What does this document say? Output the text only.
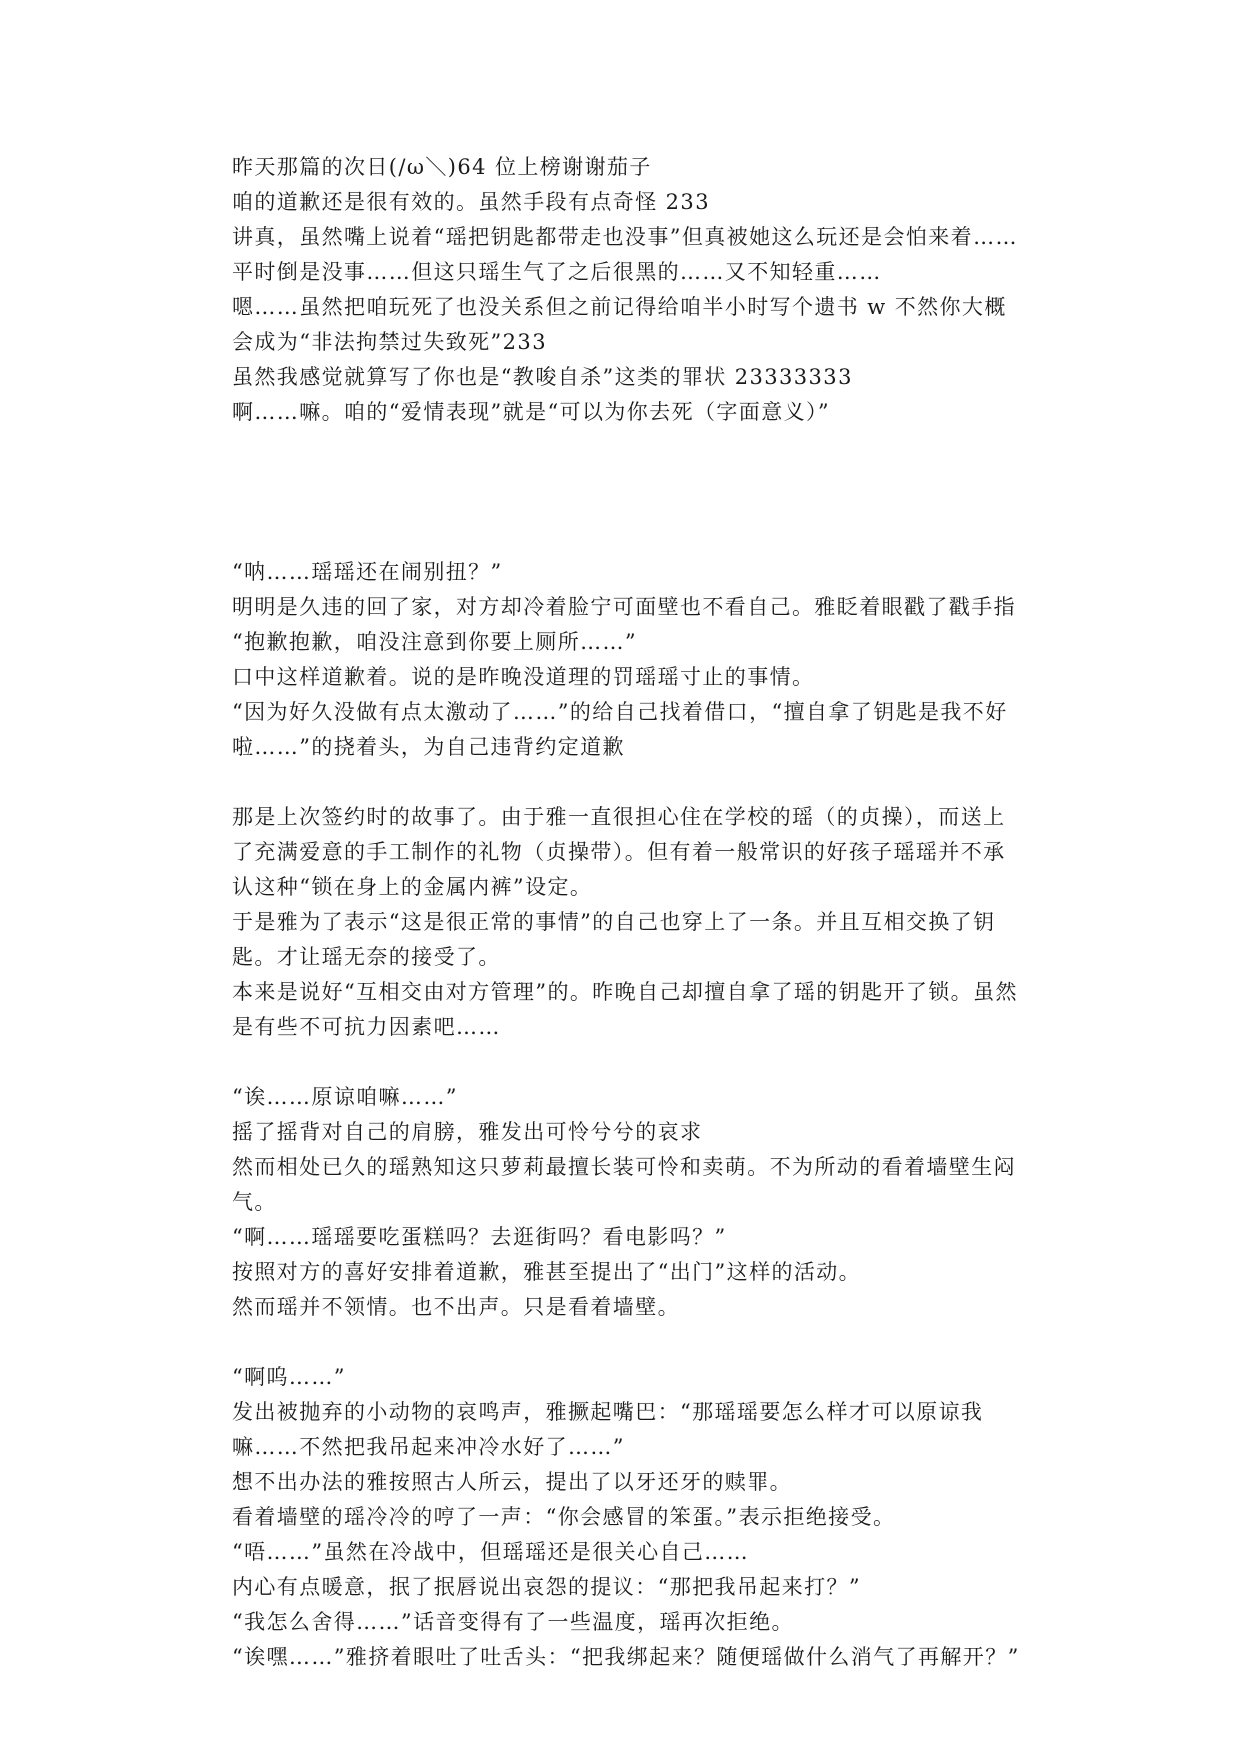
昨天那篇的次日(/ω＼)64 位上榜谢谢茄子
咱的道歉还是很有效的。虽然手段有点奇怪 233
讲真，虽然嘴上说着“瑶把钥匙都带走也没事”但真被她这么玩还是会怕来着……平时倒是没事……但这只瑶生气了之后很黑的……又不知轻重……
嗯……虽然把咱玩死了也没关系但之前记得给咱半小时写个遗书 w 不然你大概会成为“非法拘禁过失致死”233
虽然我感觉就算写了你也是“教唆自杀”这类的罪状 23333333
啊……嘛。咱的“爱情表现”就是“可以为你去死（字面意义）”
“呐……瑶瑶还在闹别扭？”
明明是久违的回了家，对方却冷着脸宁可面壁也不看自己。雅眨着眼戳了戳手指
“抱歉抱歉，咱没注意到你要上厕所……”
口中这样道歉着。说的是昨晚没道理的罚瑶瑶寸止的事情。
“因为好久没做有点太激动了……”的给自己找着借口，“擅自拿了钥匙是我不好啦……”的挠着头，为自己违背约定道歉
那是上次签约时的故事了。由于雅一直很担心住在学校的瑶（的贞操），而送上了充满爱意的手工制作的礼物（贞操带）。但有着一般常识的好孩子瑶瑶并不承认这种“锁在身上的金属内裤”设定。
于是雅为了表示“这是很正常的事情”的自己也穿上了一条。并且互相交换了钥匙。才让瑶无奈的接受了。
本来是说好“互相交由对方管理”的。昨晚自己却擅自拿了瑶的钥匙开了锁。虽然是有些不可抗力因素吧……
“诶……原谅咱嘛……”
摇了摇背对自己的肩膀，雅发出可怜兮兮的哀求
然而相处已久的瑶熟知这只萝莉最擅长装可怜和卖萌。不为所动的看着墙壁生闷气。
“啊……瑶瑶要吃蛋糕吗？去逛街吗？看电影吗？”
按照对方的喜好安排着道歉，雅甚至提出了“出门”这样的活动。
然而瑶并不领情。也不出声。只是看着墙壁。
“啊呜……”
发出被抛弃的小动物的哀鸣声，雅撅起嘴巴：“那瑶瑶要怎么样才可以原谅我嘛……不然把我吊起来冲冷水好了……”
想不出办法的雅按照古人所云，提出了以牙还牙的赎罪。
看着墙壁的瑶冷冷的哼了一声：“你会感冒的笨蛋。”表示拒绝接受。
“唔……”虽然在冷战中，但瑶瑶还是很关心自己……
内心有点暖意，抿了抿唇说出哀怨的提议：“那把我吊起来打？”
“我怎么舍得……”话音变得有了一些温度，瑶再次拒绝。
“诶嘿……”雅挤着眼吐了吐舌头：“把我绑起来？随便瑶做什么消气了再解开？”
